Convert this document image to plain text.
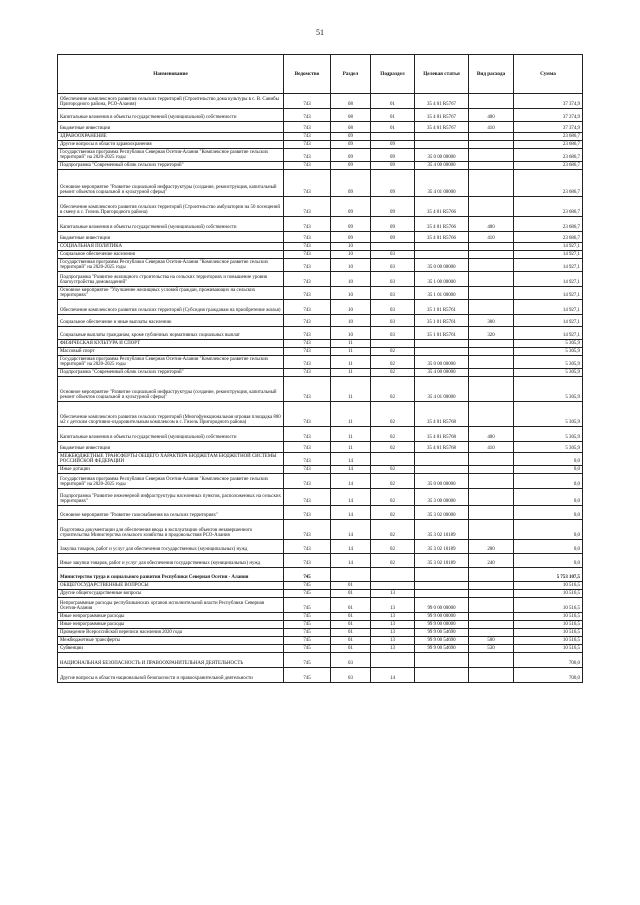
51
Наименование	Ведомство	Раздел	Подраздел	Целевая статья	Вид расхода	Сумма
Обеспечение комплексного развития сельских территорий (Строительство дома культуры в с. В. Санибы Пригородного района, РСО-Алания)	743	08	01	35 4 01 R5767		37 374,9
Капитальные вложения в объекты государственной (муниципальной) собственности	743	08	01	35 4 01 R5767	400	37 374,9
Бюджетные инвестиции	743	08	01	35 4 01 R5767	410	37 374,9
ЗДРАВООХРАНЕНИЕ	743	09				23 686,7
Другие вопросы в области здравоохранения	743	09	09			23 686,7
Государственная программа Республики Северная Осетия-Алания "Комплексное развитие сельских территорий" на 2020-2025 годы	743	09	09	35 0 00 00000		23 686,7
Подпрограмма "Современный облик сельских территорий"	743	09	09	35 4 00 00000		23 686,7
Основное мероприятие "Развитие социальной инфраструктуры (создание, реконструкция, капитальный ремонт объектов социальной и культурной сферы)"	743	09	09	35 4 01 00000		23 686,7
Обеспечение комплексного развития сельских территорий (Строительство амбулатории на 50 посещений в смену в с. Гизель Пригородного района)	743	09	09	35 4 01 R5766		23 686,7
Капитальные вложения в объекты государственной (муниципальной) собственности	743	09	09	35 4 01 R5766	400	23 686,7
Бюджетные инвестиции	743	09	09	35 4 01 R5766	410	23 686,7
СОЦИАЛЬНАЯ ПОЛИТИКА	743	10				14 927,1
Социальное обеспечение населения	743	10	03			14 927,1
Государственная программа Республики Северная Осетия-Алания "Комплексное развитие сельских территорий" на 2020-2025 годы	743	10	03	35 0 00 00000		14 927,1
Подпрограмма "Развитие жилищного строительства на сельских территориях и повышение уровня благоустройства домовладений"	743	10	03	35 1 00 00000		14 927,1
Основное мероприятие "Улучшение жилищных условий граждан, проживающих на сельских территориях"	743	10	03	35 1 01 00000		14 927,1
Обеспечение комплексного развития сельских территорий (Субсидия гражданам на приобретение жилья)	743	10	03	35 1 01 R5761		14 927,1
Социальное обеспечение и иные выплаты населению	743	10	03	35 1 01 R5761	300	14 927,1
Социальные выплаты гражданам, кроме публичных нормативных социальных выплат	743	10	03	35 1 01 R5761	320	14 927,1
ФИЗИЧЕСКАЯ КУЛЬТУРА И СПОРТ	743	11				5 305,9
Массовый спорт	743	11	02			5 305,9
Государственная программа Республики Северная Осетия-Алания "Комплексное развитие сельских территорий" на 2020-2025 годы	743	11	02	35 0 00 00000		5 305,9
Подпрограмма "Современный облик сельских территорий"	743	11	02	35 4 00 00000		5 305,9
Основное мероприятие "Развитие социальной инфраструктуры (создание, реконструкция, капитальный ремонт объектов социальной и культурной сферы)"	743	11	02	35 4 01 00000		5 305,9
Обеспечение комплексного развития сельских территорий (Многофункциональная игровая площадка 800 м2 с детским спортивно-оздоровительным комплексом в с. Гизель Пригородного района)	743	11	02	35 4 01 R5768		5 305,9
Капитальные вложения в объекты государственной (муниципальной) собственности	743	11	02	35 4 01 R5768	400	5 305,9
Бюджетные инвестиции	743	11	02	35 4 01 R5768	410	5 305,9
МЕЖБЮДЖЕТНЫЕ ТРАНСФЕРТЫ ОБЩЕГО ХАРАКТЕРА БЮДЖЕТАМ БЮДЖЕТНОЙ СИСТЕМЫ РОССИЙСКОЙ ФЕДЕРАЦИИ	743	14				0,0
Иные дотации	743	14	02			0,0
Государственная программа Республики Северная Осетия-Алания "Комплексное развитие сельских территорий" на 2020-2025 годы	743	14	02	35 0 00 00000		0,0
Подпрограмма "Развитие инженерной инфраструктуры населенных пунктов, расположенных на сельских территориях"	743	14	02	35 3 00 00000		0,0
Основное мероприятие "Развитие газоснабжения на сельских территориях"	743	14	02	35 3 02 00000		0,0
Подготовка документации для обеспечения ввода в эксплуатацию объектов незавершенного строительства Министерства сельского хозяйства и продовольствия РСО-Алания	743	14	02	35 3 02 10189		0,0
Закупка товаров, работ и услуг для обеспечения государственных (муниципальных) нужд	743	14	02	35 3 02 10189	200	0,0
Иные закупки товаров, работ и услуг для обеспечения государственных (муниципальных) нужд	743	14	02	35 3 02 10189	240	0,0
Министерство труда и социального развития Республики Северная Осетия - Алания	745					5 753 107,5
ОБЩЕГОСУДАРСТВЕННЫЕ ВОПРОСЫ	745	01				10 516,5
Другие общегосударственные вопросы	745	01	13			10 516,5
Непрограммные расходы республиканских органов исполнительной власти Республики Северная Осетия-Алания	745	01	13	99 0 00 00000		10 516,5
Иные непрограммные расходы	745	01	13	99 9 00 00000		10 516,5
Иные непрограммные расходы	745	01	13	99 9 00 00000		10 516,5
Проведение Всероссийской переписи населения 2020 года	745	01	13	99 9 00 54690		10 516,5
Межбюджетные трансферты	745	01	13	99 9 00 54690	500	10 516,5
Субвенции	745	01	13	99 9 00 54690	530	10 516,5
НАЦИОНАЛЬНАЯ БЕЗОПАСНОСТЬ И ПРАВООХРАНИТЕЛЬНАЯ ДЕЯТЕЛЬНОСТЬ	745	03				700,0
Другие вопросы в области национальной безопасности и правоохранительной деятельности	745	03	14			700,0
